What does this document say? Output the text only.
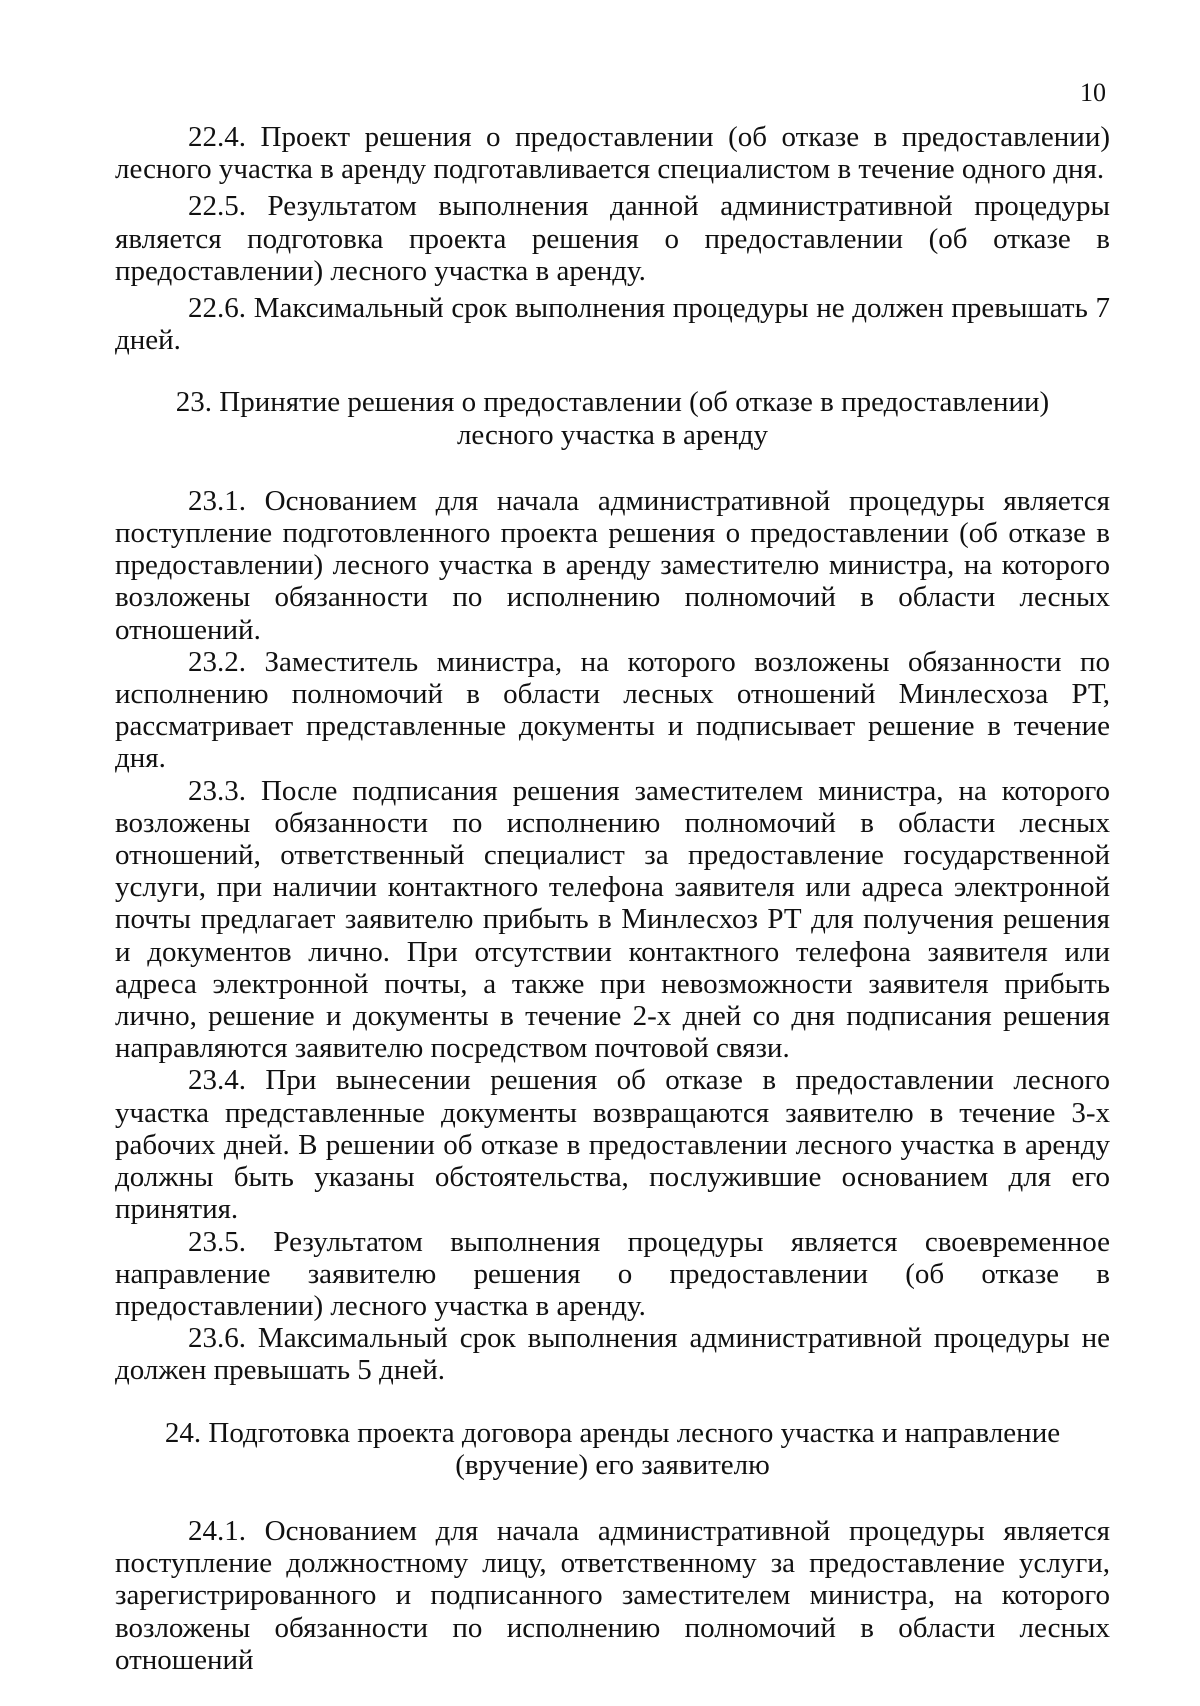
10

22.4. Проект решения о предоставлении (об отказе в предоставлении) лесного участка в аренду подготавливается специалистом в течение одного дня.

22.5. Результатом выполнения данной административной процедуры является подготовка проекта решения о предоставлении (об отказе в предоставлении) лесного участка в аренду.

22.6. Максимальный срок выполнения процедуры не должен превышать 7 дней.

23. Принятие решения о предоставлении (об отказе в предоставлении)
лесного участка в аренду

23.1. Основанием для начала административной процедуры является поступление подготовленного проекта решения о предоставлении (об отказе в предоставлении) лесного участка в аренду заместителю министра, на которого возложены обязанности по исполнению полномочий в области лесных отношений.

23.2. Заместитель министра, на которого возложены обязанности по исполнению полномочий в области лесных отношений Минлесхоза РТ, рассматривает представленные документы и подписывает решение в течение дня.

23.3. После подписания решения заместителем министра, на которого возложены обязанности по исполнению полномочий в области лесных отношений, ответственный специалист за предоставление государственной услуги, при наличии контактного телефона заявителя или адреса электронной почты предлагает заявителю прибыть в Минлесхоз РТ для получения решения и документов лично. При отсутствии контактного телефона заявителя или адреса электронной почты, а также при невозможности заявителя прибыть лично, решение и документы в течение 2-х дней со дня подписания решения направляются заявителю посредством почтовой связи.

23.4. При вынесении решения об отказе в предоставлении лесного участка представленные документы возвращаются заявителю в течение 3-х рабочих дней. В решении об отказе в предоставлении лесного участка в аренду должны быть указаны обстоятельства, послужившие основанием для его принятия.

23.5. Результатом выполнения процедуры является своевременное направление заявителю решения о предоставлении (об отказе в предоставлении) лесного участка в аренду.

23.6. Максимальный срок выполнения административной процедуры не должен превышать 5 дней.

24. Подготовка проекта договора аренды лесного участка и направление
(вручение) его заявителю

24.1. Основанием для начала административной процедуры является поступление должностному лицу, ответственному за предоставление услуги, зарегистрированного и подписанного заместителем министра, на которого возложены обязанности по исполнению полномочий в области лесных отношений
